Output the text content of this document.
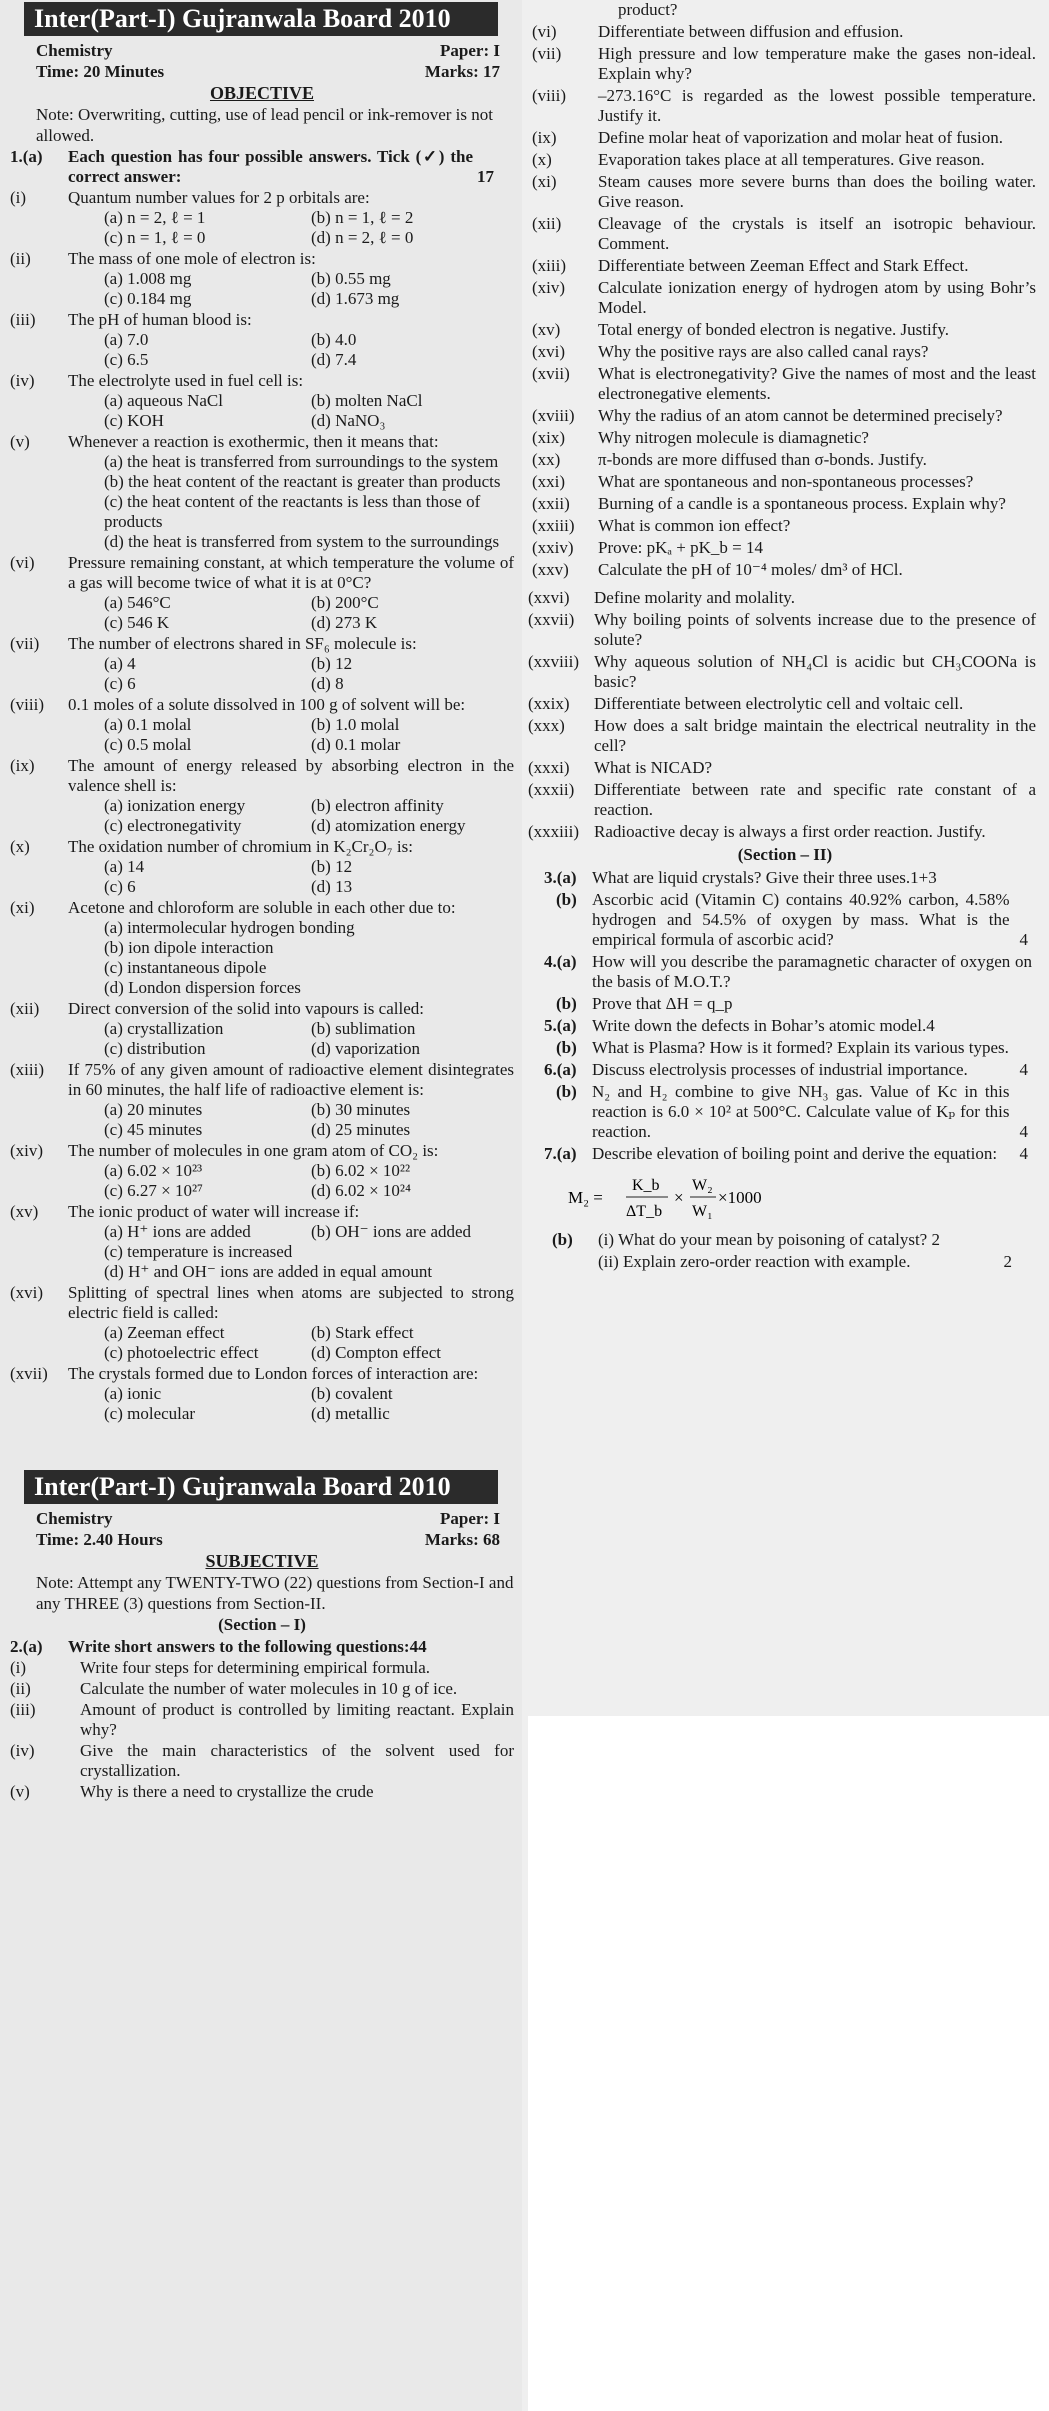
Inter(Part-I) Gujranwala Board 2010
Chemistry	Paper: I
Time: 20 Minutes	Marks: 17
OBJECTIVE
Note: Overwriting, cutting, use of lead pencil or ink-remover is not allowed.
1.(a)	Each question has four possible answers. Tick (✓) the correct answer:	17
(i)	Quantum number values for 2 p orbitals are:
(a) n = 2, ℓ = 1	(b) n = 1, ℓ = 2
(c) n = 1, ℓ = 0	(d) n = 2, ℓ = 0
(ii)	The mass of one mole of electron is:
(a) 1.008 mg	(b) 0.55 mg
(c) 0.184 mg	(d) 1.673 mg
(iii)	The pH of human blood is:
(a) 7.0	(b) 4.0
(c) 6.5	(d) 7.4
(iv)	The electrolyte used in fuel cell is:
(a) aqueous NaCl	(b) molten NaCl
(c) KOH	(d) NaNO₃
(v)	Whenever a reaction is exothermic, then it means that:
(a) the heat is transferred from surroundings to the system
(b) the heat content of the reactant is greater than products
(c) the heat content of the reactants is less than those of products
(d) the heat is transferred from system to the surroundings
(vi)	Pressure remaining constant, at which temperature the volume of a gas will become twice of what it is at 0°C?
(a) 546°C	(b) 200°C
(c) 546 K	(d) 273 K
(vii)	The number of electrons shared in SF₆ molecule is:
(a) 4	(b) 12
(c) 6	(d) 8
(viii)	0.1 moles of a solute dissolved in 100 g of solvent will be:
(a) 0.1 molal	(b) 1.0 molal
(c) 0.5 molal	(d) 0.1 molar
(ix)	The amount of energy released by absorbing electron in the valence shell is:
(a) ionization energy	(b) electron affinity
(c) electronegativity	(d) atomization energy
(x)	The oxidation number of chromium in K₂Cr₂O₇ is:
(a) 14	(b) 12
(c) 6	(d) 13
(xi)	Acetone and chloroform are soluble in each other due to:
(a) intermolecular hydrogen bonding
(b) ion dipole interaction
(c) instantaneous dipole
(d) London dispersion forces
(xii)	Direct conversion of the solid into vapours is called:
(a) crystallization	(b) sublimation
(c) distribution	(d) vaporization
(xiii)	If 75% of any given amount of radioactive element disintegrates in 60 minutes, the half life of radioactive element is:
(a) 20 minutes	(b) 30 minutes
(c) 45 minutes	(d) 25 minutes
(xiv)	The number of molecules in one gram atom of CO₂ is:
(a) 6.02 × 10²³	(b) 6.02 × 10²²
(c) 6.27 × 10²⁷	(d) 6.02 × 10²⁴
(xv)	The ionic product of water will increase if:
(a) H⁺ ions are added	(b) OH⁻ ions are added
(c) temperature is increased
(d) H⁺ and OH⁻ ions are added in equal amount
(xvi)	Splitting of spectral lines when atoms are subjected to strong electric field is called:
(a) Zeeman effect	(b) Stark effect
(c) photoelectric effect	(d) Compton effect
(xvii)	The crystals formed due to London forces of interaction are:
(a) ionic	(b) covalent
(c) molecular	(d) metallic
Inter(Part-I) Gujranwala Board 2010
Chemistry	Paper: I
Time: 2.40 Hours	Marks: 68
SUBJECTIVE
Note: Attempt any TWENTY-TWO (22) questions from Section-I and any THREE (3) questions from Section-II.
(Section – I)
2.(a)	Write short answers to the following questions:44
(i)	Write four steps for determining empirical formula.
(ii)	Calculate the number of water molecules in 10 g of ice.
(iii)	Amount of product is controlled by limiting reactant. Explain why?
(iv)	Give the main characteristics of the solvent used for crystallization.
(v)	Why is there a need to crystallize the crude
product?
(vi)	Differentiate between diffusion and effusion.
(vii)	High pressure and low temperature make the gases non-ideal. Explain why?
(viii)	–273.16°C is regarded as the lowest possible temperature. Justify it.
(ix)	Define molar heat of vaporization and molar heat of fusion.
(x)	Evaporation takes place at all temperatures. Give reason.
(xi)	Steam causes more severe burns than does the boiling water. Give reason.
(xii)	Cleavage of the crystals is itself an isotropic behaviour. Comment.
(xiii)	Differentiate between Zeeman Effect and Stark Effect.
(xiv)	Calculate ionization energy of hydrogen atom by using Bohr’s Model.
(xv)	Total energy of bonded electron is negative. Justify.
(xvi)	Why the positive rays are also called canal rays?
(xvii)	What is electronegativity? Give the names of most and the least electronegative elements.
(xviii)	Why the radius of an atom cannot be determined precisely?
(xix)	Why nitrogen molecule is diamagnetic?
(xx)	π-bonds are more diffused than σ-bonds. Justify.
(xxi)	What are spontaneous and non-spontaneous processes?
(xxii)	Burning of a candle is a spontaneous process. Explain why?
(xxiii)	What is common ion effect?
(xxiv)	Prove: pKₐ + pK_b = 14
(xxv)	Calculate the pH of 10⁻⁴ moles/ dm³ of HCl.
(xxvi)	Define molarity and molality.
(xxvii)	Why boiling points of solvents increase due to the presence of solute?
(xxviii) Why aqueous solution of NH₄Cl is acidic but CH₃COONa is basic?
(xxix)	Differentiate between electrolytic cell and voltaic cell.
(xxx)	How does a salt bridge maintain the electrical neutrality in the cell?
(xxxi)	What is NICAD?
(xxxii)	Differentiate between rate and specific rate constant of a reaction.
(xxxiii) Radioactive decay is always a first order reaction. Justify.
(Section – II)
3.(a) What are liquid crystals? Give their three uses.1+3
(b) Ascorbic acid (Vitamin C) contains 40.92% carbon, 4.58% hydrogen and 54.5% of oxygen by mass. What is the empirical formula of ascorbic acid?	4
4.(a) How will you describe the paramagnetic character of oxygen on the basis of M.O.T.?
(b) Prove that ΔH = q_p
5.(a) Write down the defects in Bohar’s atomic model.4
(b) What is Plasma? How is it formed? Explain its various types.
6.(a) Discuss electrolysis processes of industrial importance.	4
(b) N₂ and H₂ combine to give NH₃ gas. Value of Kc in this reaction is 6.0 × 10² at 500°C. Calculate value of Kₚ for this reaction.	4
7.(a) Describe elevation of boiling point and derive the equation:	4
M₂ =
K_b
ΔT_b
×
W₂
W₁
×1000
(b)	(i) What do your mean by poisoning of catalyst? 2
(ii) Explain zero-order reaction with example.	2
